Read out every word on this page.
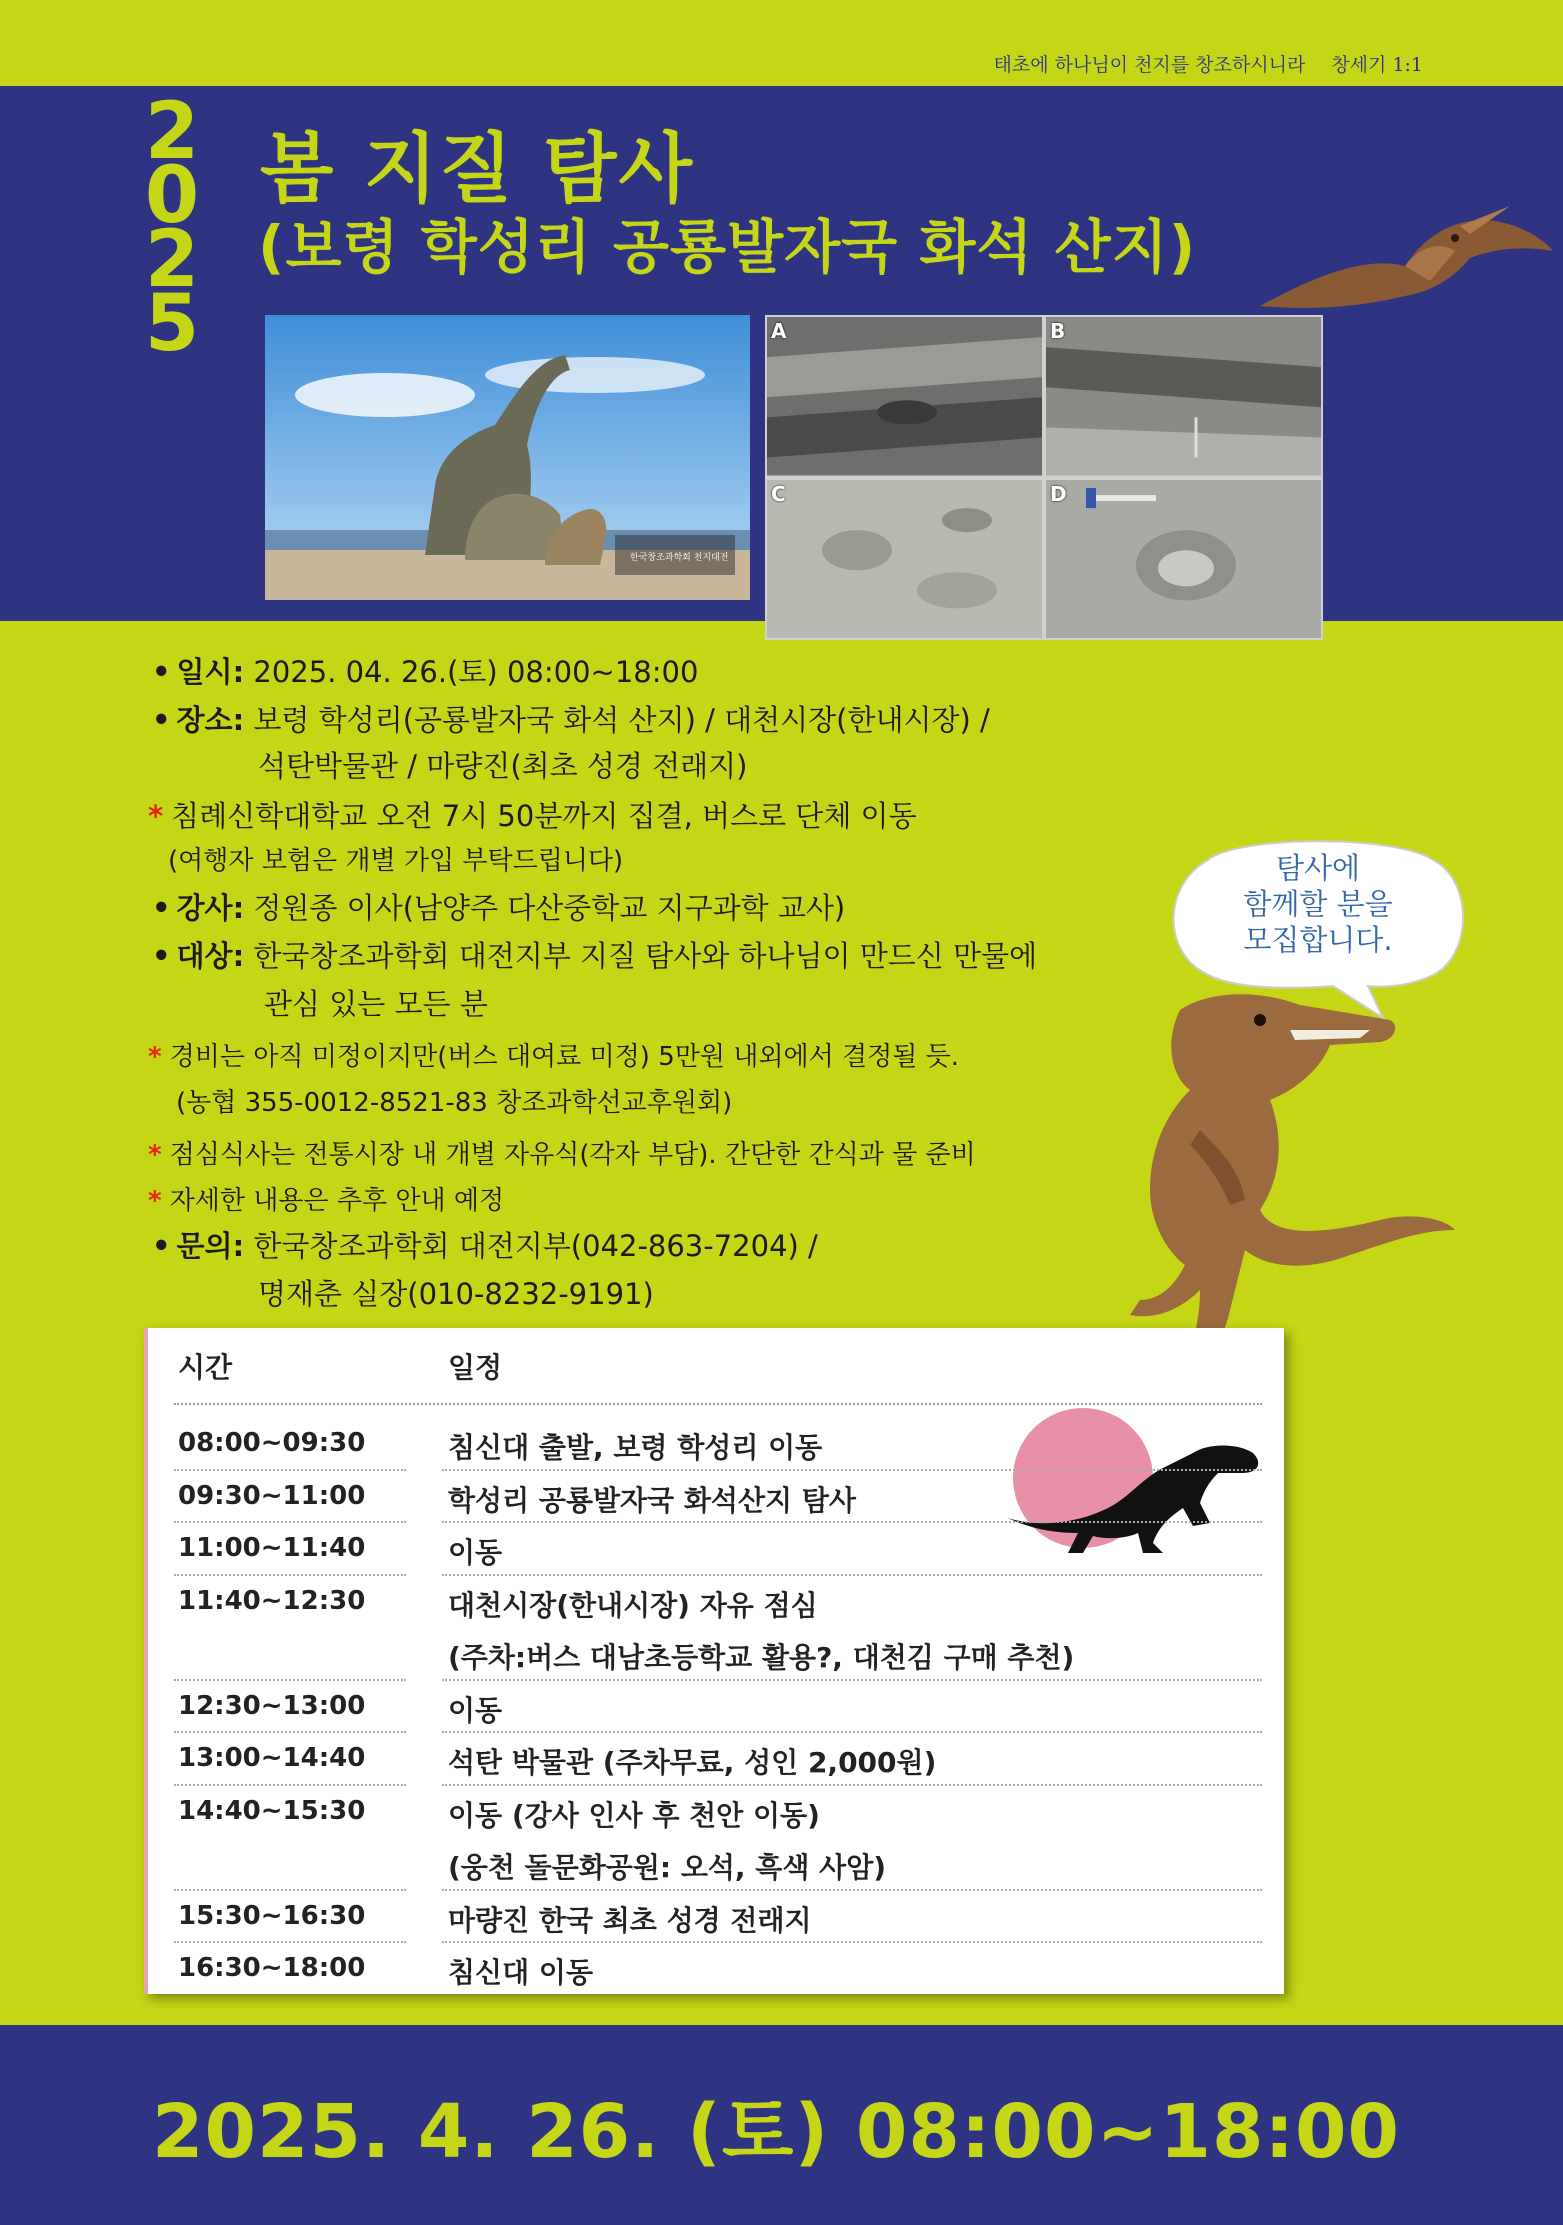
태초에 하나님이 천지를 창조하시니라 창세기 1:1
2
0
2
5
봄 지질 탐사
(보령 학성리 공룡발자국 화석 산지)
한국창조과학회 천지대전
A	B
C	D
• 일시: 2025. 04. 26.(토) 08:00~18:00
• 장소: 보령 학성리(공룡발자국 화석 산지) / 대천시장(한내시장) /
석탄박물관 / 마량진(최초 성경 전래지)
* 침례신학대학교 오전 7시 50분까지 집결, 버스로 단체 이동
(여행자 보험은 개별 가입 부탁드립니다)
• 강사: 정원종 이사(남양주 다산중학교 지구과학 교사)
• 대상: 한국창조과학회 대전지부 지질 탐사와 하나님이 만드신 만물에
관심 있는 모든 분
* 경비는 아직 미정이지만(버스 대여료 미정) 5만원 내외에서 결정될 듯.
(농협 355-0012-8521-83 창조과학선교후원회)
* 점심식사는 전통시장 내 개별 자유식(각자 부담). 간단한 간식과 물 준비
* 자세한 내용은 추후 안내 예정
• 문의: 한국창조과학회 대전지부(042-863-7204) /
명재춘 실장(010-8232-9191)
탐사에
함께할 분을
모집합니다.
시간	일정
08:00~09:30	침신대 출발, 보령 학성리 이동
09:30~11:00	학성리 공룡발자국 화석산지 탐사
11:00~11:40	이동
11:40~12:30	대천시장(한내시장) 자유 점심
(주차:버스 대남초등학교 활용?, 대천김 구매 추천)
12:30~13:00	이동
13:00~14:40	석탄 박물관 (주차무료, 성인 2,000원)
14:40~15:30	이동 (강사 인사 후 천안 이동)
(웅천 돌문화공원: 오석, 흑색 사암)
15:30~16:30	마량진 한국 최초 성경 전래지
16:30~18:00	침신대 이동
2025. 4. 26. (토) 08:00~18:00
